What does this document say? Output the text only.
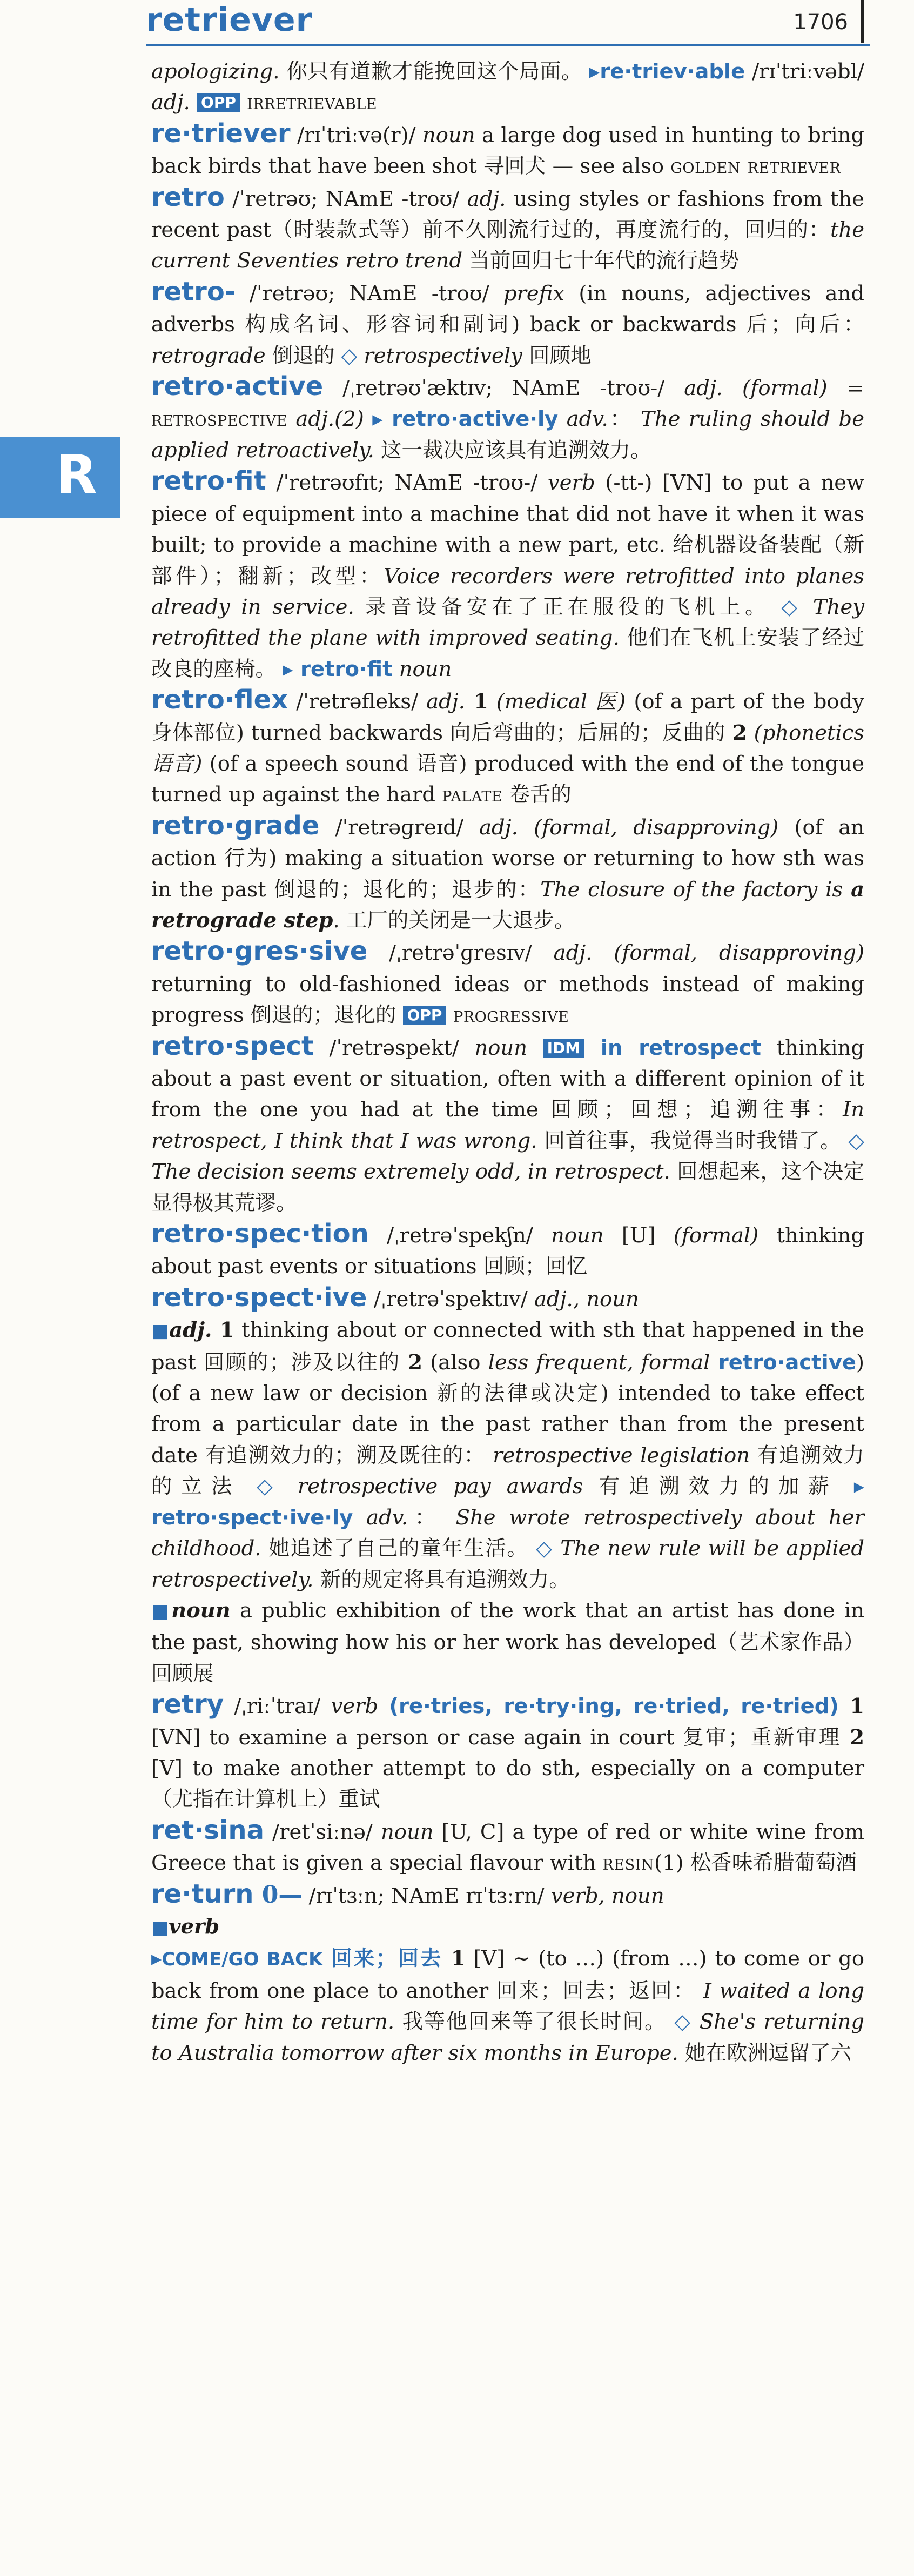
retriever	1706
R

apologizing. 你只有道歉才能挽回这个局面。 ▸re·triev·able /rɪˈtriːvəbl/ adj. OPP irretrievable

re·triever /rɪˈtriːvə(r)/ noun a large dog used in hunting to bring back birds that have been shot 寻回犬 — see also golden retriever

retro /ˈretrəʊ; NAmE -troʊ/ adj. using styles or fashions from the recent past（时装款式等）前不久刚流行过的，再度流行的，回归的：the current Seventies retro trend 当前回归七十年代的流行趋势

retro- /ˈretrəʊ; NAmE -troʊ/ prefix (in nouns, adjectives and adverbs 构成名词、形容词和副词) back or backwards 后；向后：retrograde 倒退的 ◇ retrospectively 回顾地

retro·active /ˌretrəʊˈæktɪv; NAmE -troʊ-/ adj. (formal) = retrospective adj.(2) ▸ retro·active·ly adv.： The ruling should be applied retroactively. 这一裁决应该具有追溯效力。

retro·fit /ˈretrəʊfɪt; NAmE -troʊ-/ verb (-tt-) [VN] to put a new piece of equipment into a machine that did not have it when it was built; to provide a machine with a new part, etc. 给机器设备装配（新部件）；翻新；改型：Voice recorders were retrofitted into planes already in service. 录音设备安在了正在服役的飞机上。 ◇ They retrofitted the plane with improved seating. 他们在飞机上安装了经过改良的座椅。 ▸ retro·fit noun

retro·flex /ˈretrəfleks/ adj. 1 (medical 医) (of a part of the body 身体部位) turned backwards 向后弯曲的；后屈的；反曲的 2 (phonetics 语音) (of a speech sound 语音) produced with the end of the tongue turned up against the hard palate 卷舌的

retro·grade /ˈretrəɡreɪd/ adj. (formal, disapproving) (of an action 行为) making a situation worse or returning to how sth was in the past 倒退的；退化的；退步的：The closure of the factory is a retrograde step. 工厂的关闭是一大退步。

retro·gres·sive /ˌretrəˈɡresɪv/ adj. (formal, disapproving) returning to old-fashioned ideas or methods instead of making progress 倒退的；退化的 OPP progressive

retro·spect /ˈretrəspekt/ noun IDM in retrospect thinking about a past event or situation, often with a different opinion of it from the one you had at the time 回顾；回想；追溯往事：In retrospect, I think that I was wrong. 回首往事，我觉得当时我错了。 ◇ The decision seems extremely odd, in retrospect. 回想起来，这个决定显得极其荒谬。

retro·spec·tion /ˌretrəˈspekʃn/ noun [U] (formal) thinking about past events or situations 回顾；回忆

retro·spect·ive /ˌretrəˈspektɪv/ adj., noun

■adj. 1 thinking about or connected with sth that happened in the past 回顾的；涉及以往的 2 (also less frequent, formal retro·active) (of a new law or decision 新的法律或决定) intended to take effect from a particular date in the past rather than from the present date 有追溯效力的；溯及既往的： retrospective legislation 有追溯效力的立法 ◇ retrospective pay awards 有追溯效力的加薪 ▸ retro·spect·ive·ly adv.： She wrote retrospectively about her childhood. 她追述了自己的童年生活。 ◇ The new rule will be applied retrospectively. 新的规定将具有追溯效力。

■noun a public exhibition of the work that an artist has done in the past, showing how his or her work has developed（艺术家作品）回顾展

retry /ˌriːˈtraɪ/ verb (re·tries, re·try·ing, re·tried, re·tried) 1 [VN] to examine a person or case again in court 复审；重新审理 2 [V] to make another attempt to do sth, especially on a computer（尤指在计算机上）重试

ret·sina /retˈsiːnə/ noun [U, C] a type of red or white wine from Greece that is given a special flavour with resin(1) 松香味希腊葡萄酒

re·turn 0— /rɪˈtɜːn; NAmE rɪˈtɜːrn/ verb, noun

■verb

▸COME/GO BACK 回来；回去 1 [V] ~ (to …) (from …) to come or go back from one place to another 回来；回去；返回： I waited a long time for him to return. 我等他回来等了很长时间。 ◇ She's returning to Australia tomorrow after six months in Europe. 她在欧洲逗留了六
